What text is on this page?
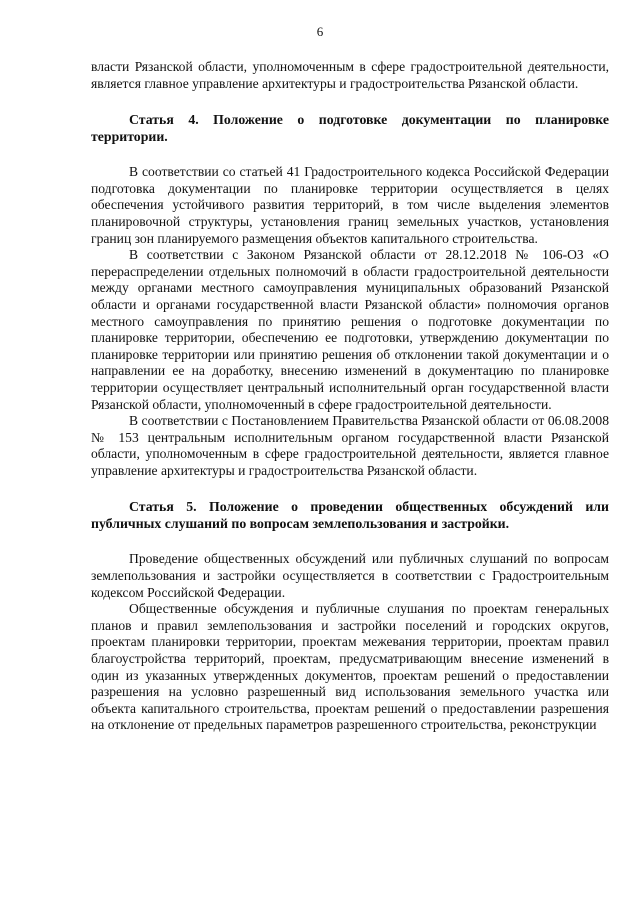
6

власти Рязанской области, уполномоченным в сфере градостроительной деятельности, является главное управление архитектуры и градостроительства Рязанской области.

Статья 4. Положение о подготовке документации по планировке территории.

В соответствии со статьей 41 Градостроительного кодекса Российской Федерации подготовка документации по планировке территории осуществляется в целях обеспечения устойчивого развития территорий, в том числе выделения элементов планировочной структуры, установления границ земельных участков, установления границ зон планируемого размещения объектов капитального строительства.

В соответствии с Законом Рязанской области от 28.12.2018 № 106-ОЗ «О перераспределении отдельных полномочий в области градостроительной деятельности между органами местного самоуправления муниципальных образований Рязанской области и органами государственной власти Рязанской области» полномочия органов местного самоуправления по принятию решения о подготовке документации по планировке территории, обеспечению ее подготовки, утверждению документации по планировке территории или принятию решения об отклонении такой документации и о направлении ее на доработку, внесению изменений в документацию по планировке территории осуществляет центральный исполнительный орган государственной власти Рязанской области, уполномоченный в сфере градостроительной деятельности.

В соответствии с Постановлением Правительства Рязанской области от 06.08.2008 № 153 центральным исполнительным органом государственной власти Рязанской области, уполномоченным в сфере градостроительной деятельности, является главное управление архитектуры и градостроительства Рязанской области.

Статья 5. Положение о проведении общественных обсуждений или публичных слушаний по вопросам землепользования и застройки.

Проведение общественных обсуждений или публичных слушаний по вопросам землепользования и застройки осуществляется в соответствии с Градостроительным кодексом Российской Федерации.

Общественные обсуждения и публичные слушания по проектам генеральных планов и правил землепользования и застройки поселений и городских округов, проектам планировки территории, проектам межевания территории, проектам правил благоустройства территорий, проектам, предусматривающим внесение изменений в один из указанных утвержденных документов, проектам решений о предоставлении разрешения на условно разрешенный вид использования земельного участка или объекта капитального строительства, проектам решений о предоставлении разрешения на отклонение от предельных параметров разрешенного строительства, реконструкции
